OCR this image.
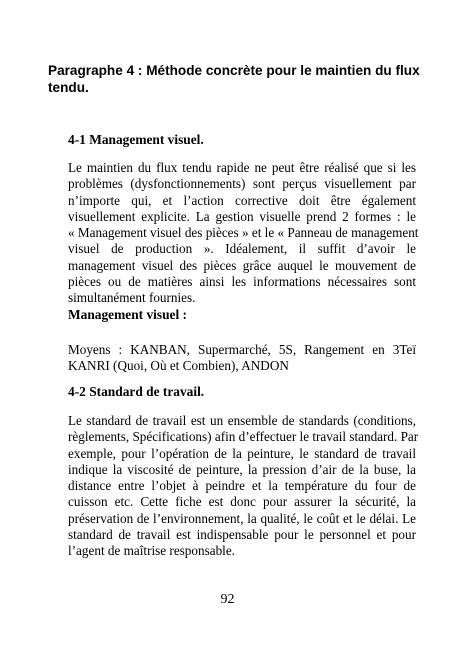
Paragraphe 4 : Méthode concrète pour le maintien du flux tendu.
4-1 Management visuel.
Le maintien du flux tendu rapide ne peut être réalisé que si les
problèmes (dysfonctionnements) sont perçus visuellement par
n’importe qui, et l’action corrective doit être également
visuellement explicite. La gestion visuelle prend 2 formes : le
« Management visuel des pièces » et le « Panneau de management
visuel de production ». Idéalement, il suffit d’avoir le
management visuel des pièces grâce auquel le mouvement de
pièces ou de matières ainsi les informations nécessaires sont
simultanément fournies.
Management visuel :
Moyens : KANBAN, Supermarché, 5S, Rangement en 3Teï
KANRI (Quoi, Où et Combien), ANDON
4-2 Standard de travail.
Le standard de travail est un ensemble de standards (conditions,
règlements, Spécifications) afin d’effectuer le travail standard. Par
exemple, pour l’opération de la peinture, le standard de travail
indique la viscosité de peinture, la pression d’air de la buse, la
distance entre l’objet à peindre et la température du four de
cuisson etc. Cette fiche est donc pour assurer la sécurité, la
préservation de l’environnement, la qualité, le coût et le délai. Le
standard de travail est indispensable pour le personnel et pour
l’agent de maîtrise responsable.

92
